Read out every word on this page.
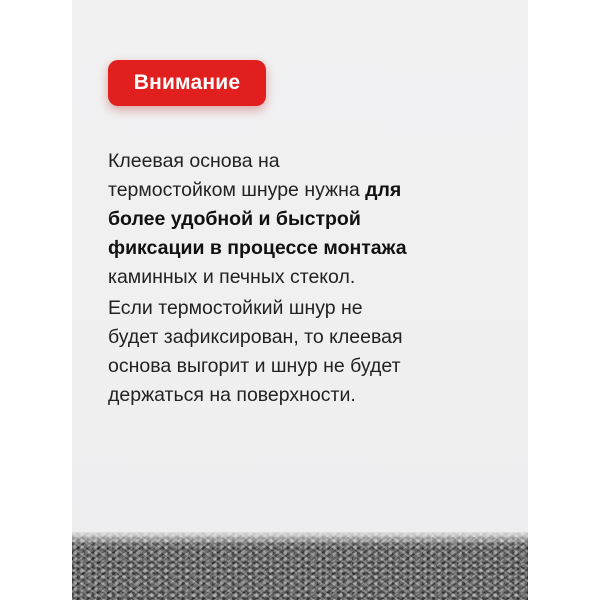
Внимание
Клеевая основа на
термостойком шнуре нужна для
более удобной и быстрой
фиксации в процессе монтажа
каминных и печных стекол.
Если термостойкий шнур не
будет зафиксирован, то клеевая
основа выгорит и шнур не будет
держаться на поверхности.
